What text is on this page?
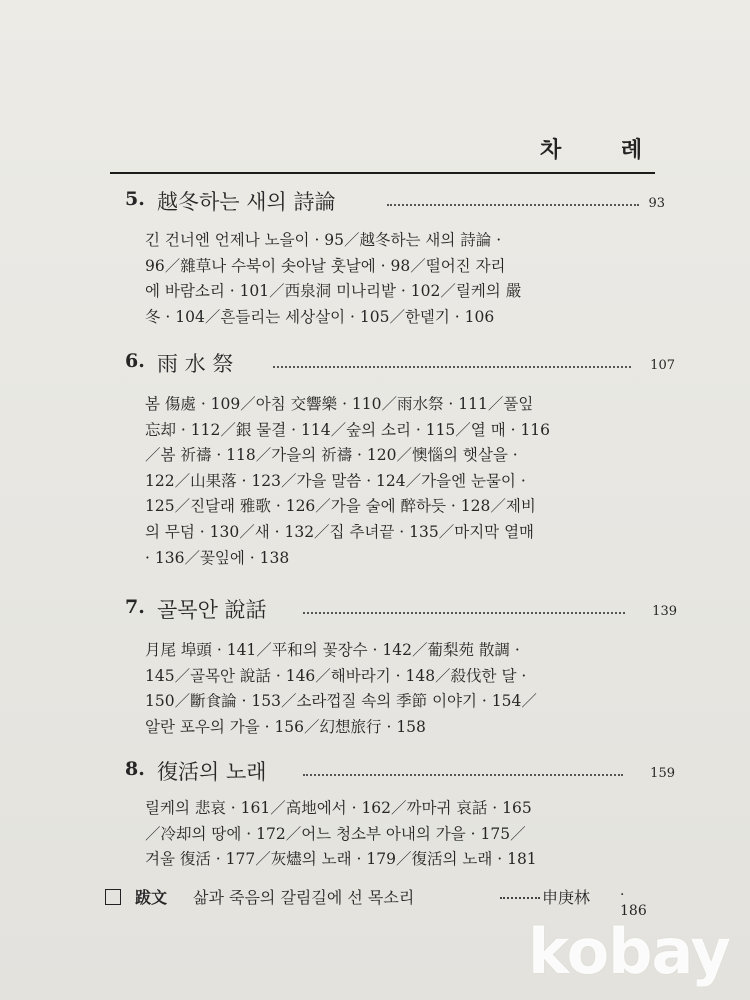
차 례
5. 越冬하는 새의 詩論	93
긴 건너엔 언제나 노을이 · 95／越冬하는 새의 詩論 ·
96／雜草나 수북이 솟아날 훗날에 · 98／떨어진 자리
에 바람소리 · 101／西泉洞 미나리밭 · 102／릴케의 嚴
冬 · 104／흔들리는 세상살이 · 105／한뎉기 · 106
6. 雨 水 祭	107
봄 傷處 · 109／아침 交響樂 · 110／雨水祭 · 111／풀잎
忘却 · 112／銀 물결 · 114／숲의 소리 · 115／열 매 · 116
／봄 祈禱 · 118／가을의 祈禱 · 120／懊惱의 햇살을 ·
122／山果落 · 123／가을 말씀 · 124／가을엔 눈물이 ·
125／진달래 雅歌 · 126／가을 술에 醉하듯 · 128／제비
의 무덤 · 130／새 · 132／집 추녀끝 · 135／마지막 열매
· 136／꽃잎에 · 138
7. 골목안 說話	139
月尾 埠頭 · 141／平和의 꽃장수 · 142／葡梨苑 散調 ·
145／골목안 說話 · 146／해바라기 · 148／殺伐한 달 ·
150／斷食論 · 153／소라껍질 속의 季節 이야기 · 154／
알란 포우의 가을 · 156／幻想旅行 · 158
8. 復活의 노래	159
릴케의 悲哀 · 161／高地에서 · 162／까마귀 哀話 · 165
／冷却의 땅에 · 172／어느 청소부 아내의 가을 · 175／
겨울 復活 · 177／灰燼의 노래 · 179／復活의 노래 · 181
跋文 삶과 죽음의 갈림길에 선 목소리	申庚林 · 186
kobay
